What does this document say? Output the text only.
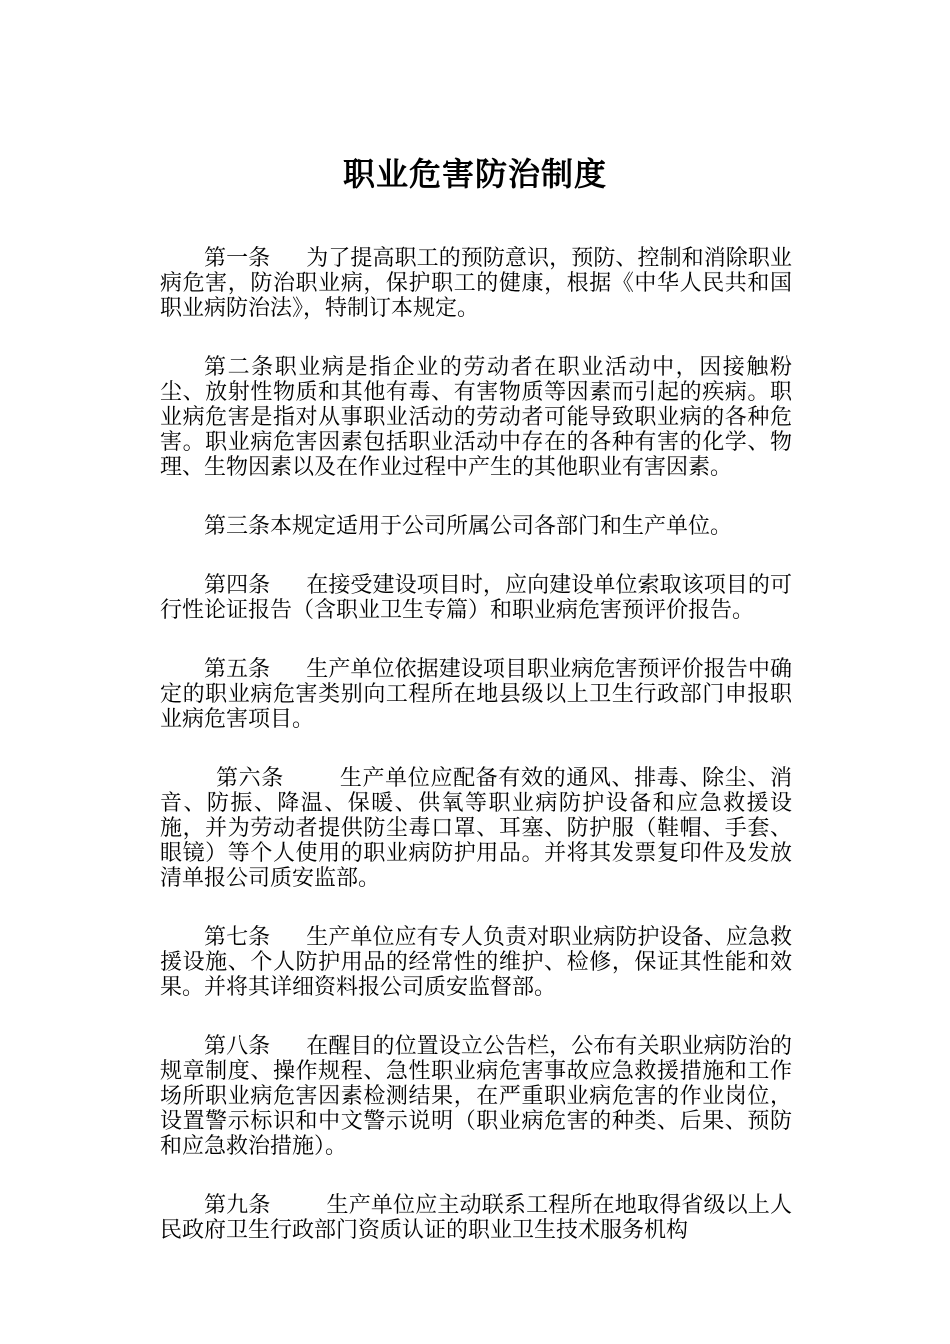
职业危害防治制度

第一条 为了提高职工的预防意识，预防、控制和消除职业病危害，防治职业病，保护职工的健康，根据《中华人民共和国职业病防治法》，特制订本规定。

第二条职业病是指企业的劳动者在职业活动中，因接触粉尘、放射性物质和其他有毒、有害物质等因素而引起的疾病。职业病危害是指对从事职业活动的劳动者可能导致职业病的各种危害。职业病危害因素包括职业活动中存在的各种有害的化学、物理、生物因素以及在作业过程中产生的其他职业有害因素。

第三条本规定适用于公司所属公司各部门和生产单位。

第四条 在接受建设项目时，应向建设单位索取该项目的可行性论证报告（含职业卫生专篇）和职业病危害预评价报告。

第五条 生产单位依据建设项目职业病危害预评价报告中确定的职业病危害类别向工程所在地县级以上卫生行政部门申报职业病危害项目。

第六条	生产单位应配备有效的通风、排毒、除尘、消音、防振、降温、保暖、供氧等职业病防护设备和应急救援设施，并为劳动者提供防尘毒口罩、耳塞、防护服（鞋帽、手套、眼镜）等个人使用的职业病防护用品。并将其发票复印件及发放清单报公司质安监部。

第七条 生产单位应有专人负责对职业病防护设备、应急救援设施、个人防护用品的经常性的维护、检修，保证其性能和效果。并将其详细资料报公司质安监督部。

第八条 在醒目的位置设立公告栏，公布有关职业病防治的规章制度、操作规程、急性职业病危害事故应急救援措施和工作场所职业病危害因素检测结果，在严重职业病危害的作业岗位，设置警示标识和中文警示说明（职业病危害的种类、后果、预防和应急救治措施）。

第九条	生产单位应主动联系工程所在地取得省级以上人民政府卫生行政部门资质认证的职业卫生技术服务机构
